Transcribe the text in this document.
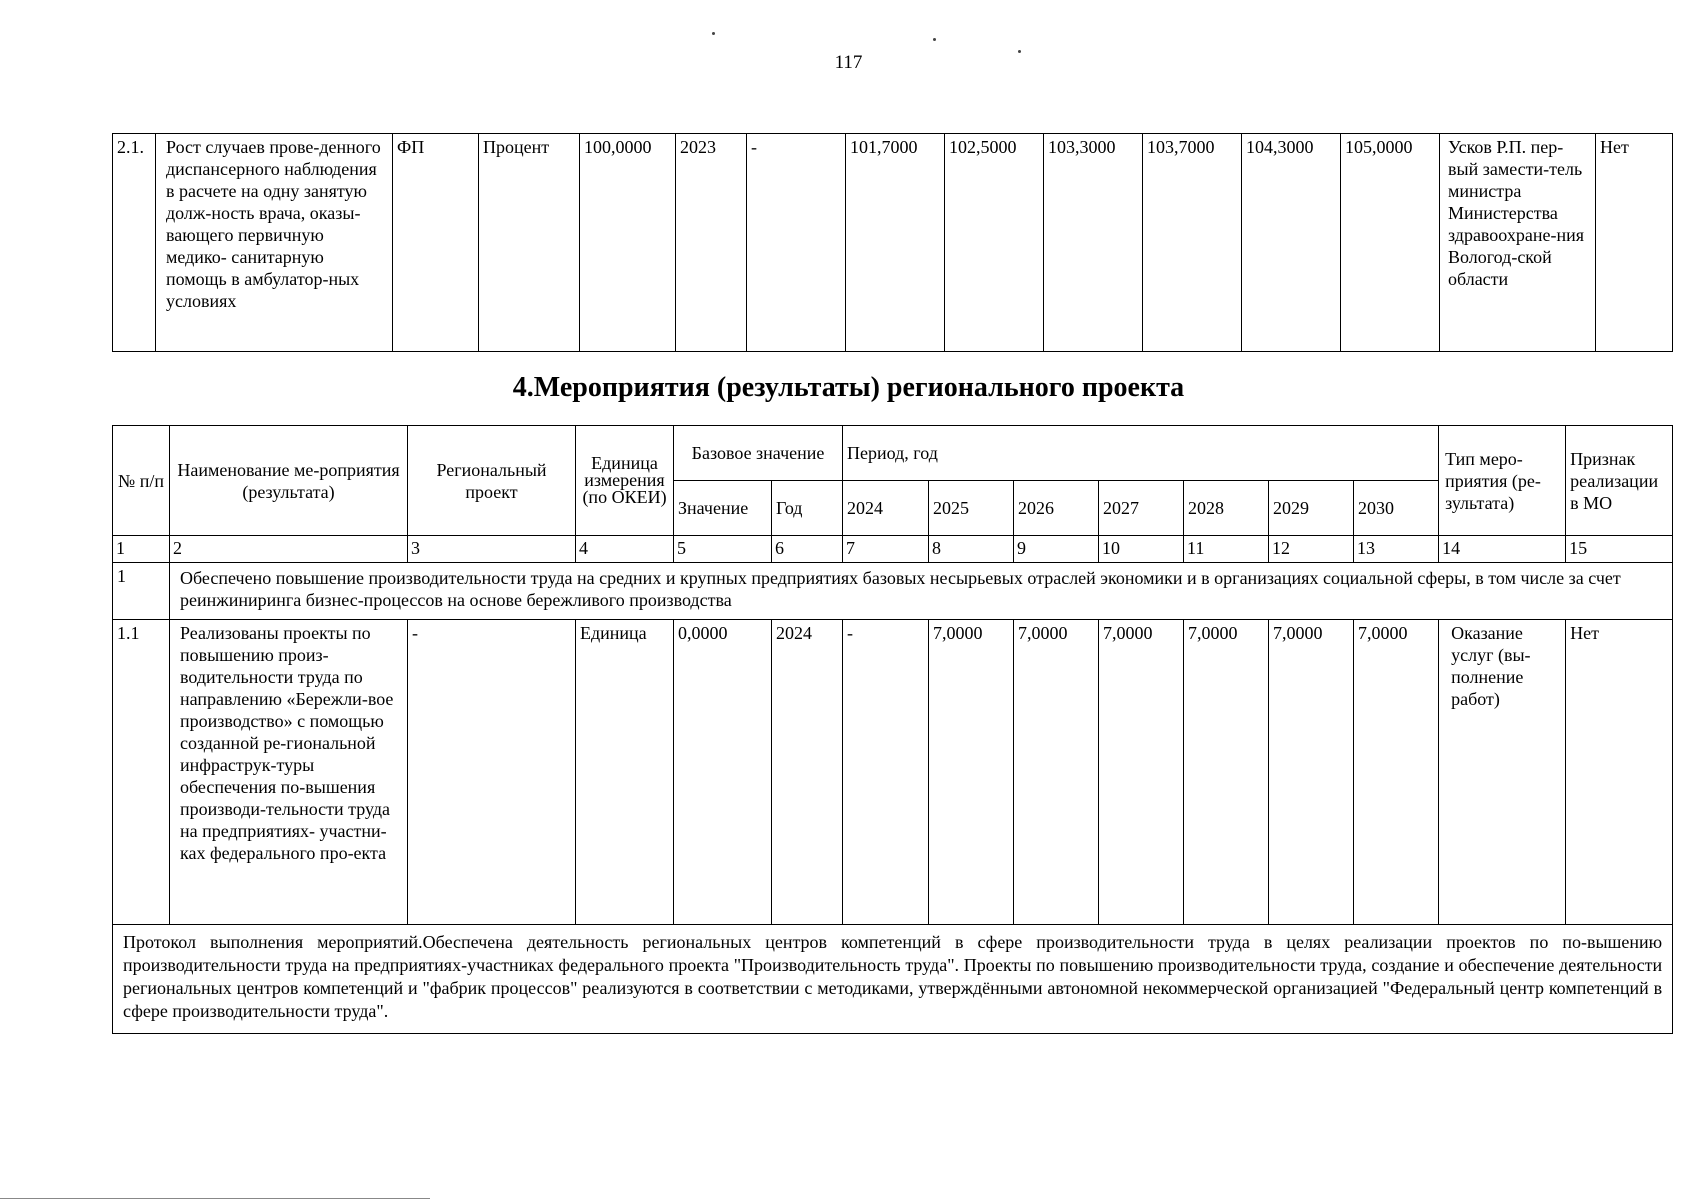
117
2.1.	Рост случаев прове-денного диспансерного наблюдения в расчете на одну занятую долж-ность врача, оказы-вающего первичную медико- санитарную помощь в амбулатор-ных условиях	ФП	Процент	100,0000	2023	-	101,7000	102,5000	103,3000	103,7000	104,3000	105,0000	Усков Р.П. пер-вый замести-тель министра Министерства здравоохране-ния Вологод-ской области	Нет
4.Мероприятия (результаты) регионального проекта
№ п/п	Наименование ме-роприятия (результата)	Региональный проект	Единица измерения (по ОКЕИ)	Базовое значение		Период, год							Тип меро-приятия (ре-зультата)	Признак реализации в МО
				Значение	Год	2024	2025	2026	2027	2028	2029	2030		
1	2	3	4	5	6	7	8	9	10	11	12	13	14	15
1	Обеспечено повышение производительности труда на средних и крупных предприятиях базовых несырьевых отраслей экономики и в организациях социальной сферы, в том числе за счет реинжиниринга бизнес-процессов на основе бережливого производства													
1.1	Реализованы проекты по повышению произ-водительности труда по направлению «Бережли-вое производство» с помощью созданной ре-гиональной инфраструк-туры обеспечения по-вышения производи-тельности труда на предприятиях- участни-ках федерального про-екта	-	Единица	0,0000	2024	-	7,0000	7,0000	7,0000	7,0000	7,0000	7,0000	Оказание услуг (вы-полнение работ)	Нет
Протокол выполнения мероприятий.Обеспечена деятельность региональных центров компетенций в сфере производительности труда в целях реализации проектов по по-вышению производительности труда на предприятиях-участниках федерального проекта "Производительность труда". Проекты по повышению производительности труда, создание и обеспечение деятельности региональных центров компетенций и "фабрик процессов" реализуются в соответствии с методиками, утверждёнными автономной некоммерческой организацией "Федеральный центр компетенций в сфере производительности труда".														
